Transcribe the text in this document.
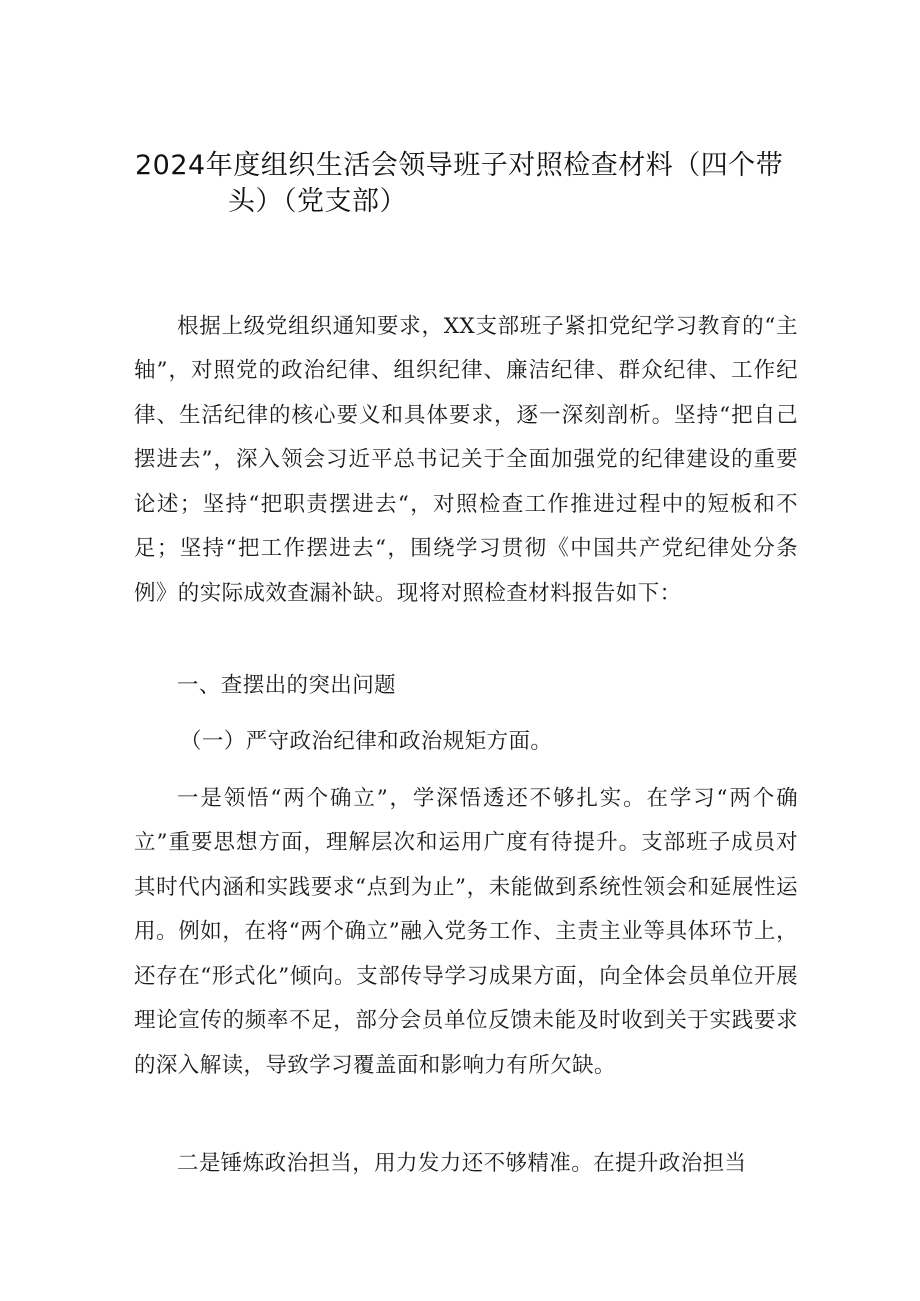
2024年度组织生活会领导班子对照检查材料（四个带
头）（党支部）

根据上级党组织通知要求，XX支部班子紧扣党纪学习教育的“主轴”，对照党的政治纪律、组织纪律、廉洁纪律、群众纪律、工作纪律、生活纪律的核心要义和具体要求，逐一深刻剖析。坚持“把自己摆进去”，深入领会习近平总书记关于全面加强党的纪律建设的重要论述；坚持“把职责摆进去“，对照检查工作推进过程中的短板和不足；坚持“把工作摆进去“，围绕学习贯彻《中国共产党纪律处分条例》的实际成效查漏补缺。现将对照检查材料报告如下：

一、查摆出的突出问题

（一）严守政治纪律和政治规矩方面。

一是领悟“两个确立”，学深悟透还不够扎实。在学习“两个确立”重要思想方面，理解层次和运用广度有待提升。支部班子成员对其时代内涵和实践要求“点到为止”，未能做到系统性领会和延展性运用。例如，在将“两个确立”融入党务工作、主责主业等具体环节上，还存在“形式化”倾向。支部传导学习成果方面，向全体会员单位开展理论宣传的频率不足，部分会员单位反馈未能及时收到关于实践要求的深入解读，导致学习覆盖面和影响力有所欠缺。

二是锤炼政治担当，用力发力还不够精准。在提升政治担当
